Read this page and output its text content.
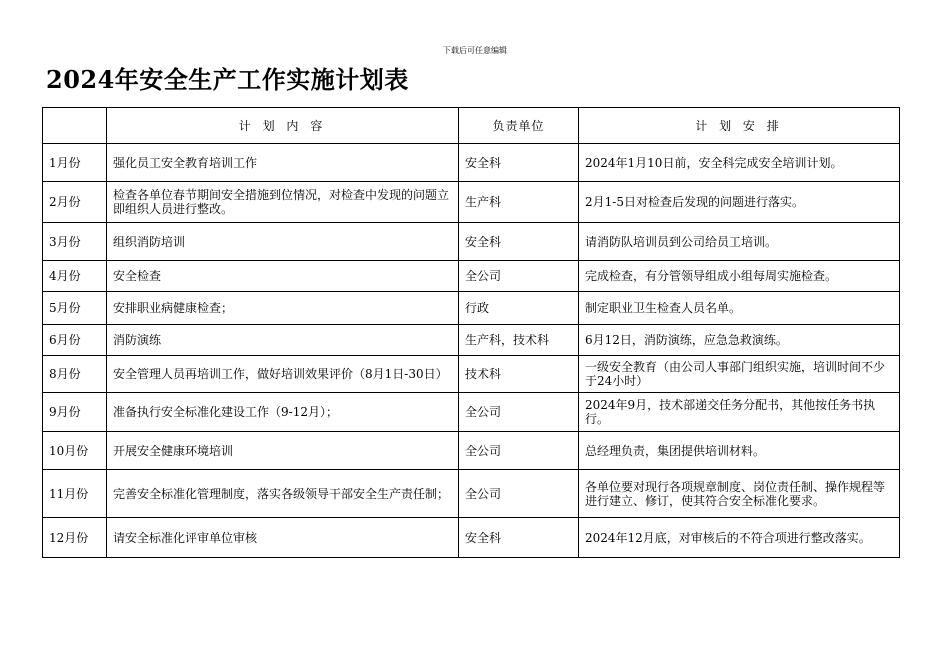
下载后可任意编辑
2024年安全生产工作实施计划表
	计 划 内 容	负责单位	计 划 安 排
1月份	强化员工安全教育培训工作	安全科	2024年1月10日前，安全科完成安全培训计划。
2月份	检查各单位春节期间安全措施到位情况，对检查中发现的问题立即组织人员进行整改。	生产科	2月1-5日对检查后发现的问题进行落实。
3月份	组织消防培训	安全科	请消防队培训员到公司给员工培训。
4月份	安全检查	全公司	完成检查，有分管领导组成小组每周实施检查。
5月份	安排职业病健康检查；	行政	制定职业卫生检查人员名单。
6月份	消防演练	生产科，技术科	6月12日，消防演练，应急急救演练。
8月份	安全管理人员再培训工作，做好培训效果评价（8月1日-30日）	技术科	一级安全教育（由公司人事部门组织实施，培训时间不少于24小时）
9月份	准备执行安全标准化建设工作（9-12月）；	全公司	2024年9月，技术部递交任务分配书，其他按任务书执行。
10月份	开展安全健康环境培训	全公司	总经理负责，集团提供培训材料。
11月份	完善安全标准化管理制度，落实各级领导干部安全生产责任制；	全公司	各单位要对现行各项规章制度、岗位责任制、操作规程等进行建立、修订，使其符合安全标准化要求。
12月份	请安全标准化评审单位审核	安全科	2024年12月底，对审核后的不符合项进行整改落实。
